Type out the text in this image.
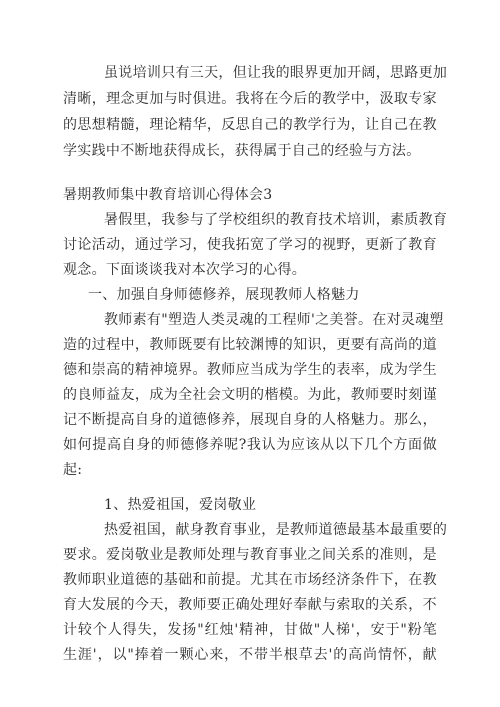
虽说培训只有三天，但让我的眼界更加开阔，思路更加
清晰，理念更加与时俱进。我将在今后的教学中，汲取专家
的思想精髓，理论精华，反思自己的教学行为，让自己在教
学实践中不断地获得成长，获得属于自己的经验与方法。
暑期教师集中教育培训心得体会3
暑假里，我参与了学校组织的教育技术培训，素质教育
讨论活动，通过学习，使我拓宽了学习的视野，更新了教育
观念。下面谈谈我对本次学习的心得。
一、加强自身师德修养，展现教师人格魅力
教师素有"塑造人类灵魂的工程师'之美誉。在对灵魂塑
造的过程中，教师既要有比较渊博的知识，更要有高尚的道
德和崇高的精神境界。教师应当成为学生的表率，成为学生
的良师益友，成为全社会文明的楷模。为此，教师要时刻谨
记不断提高自身的道德修养，展现自身的人格魅力。那么，
如何提高自身的师德修养呢?我认为应该从以下几个方面做
起:
1、热爱祖国，爱岗敬业
热爱祖国，献身教育事业，是教师道德最基本最重要的
要求。爱岗敬业是教师处理与教育事业之间关系的准则，是
教师职业道德的基础和前提。尤其在市场经济条件下，在教
育大发展的今天，教师要正确处理好奉献与索取的关系，不
计较个人得失，发扬"红烛'精神，甘做"人梯'，安于"粉笔
生涯'，以"捧着一颗心来，不带半根草去'的高尚情怀，献
